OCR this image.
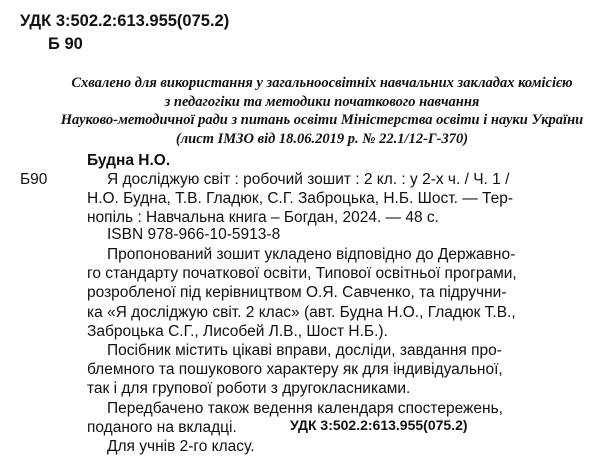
УДК 3:502.2:613.955(075.2)
Б 90
Схвалено для використання у загальноосвітніх навчальних закладах комісією
з педагогіки та методики початкового навчання
Науково-методичної ради з питань освіти Міністерства освіти і науки України
(лист ІМЗО від 18.06.2019 р. № 22.1/12-Г-370)
Б90
Будна Н.О.
Я досліджую світ : робочий зошит : 2 кл. : у 2-х ч. / Ч. 1 /
Н.О. Будна, Т.В. Гладюк, С.Г. Заброцька, Н.Б. Шост. — Тер-
нопіль : Навчальна книга – Богдан, 2024. — 48 с.
ISBN 978-966-10-5913-8
Пропонований зошит укладено відповідно до Державно-
го стандарту початкової освіти, Типової освітньої програми,
розробленої під керівництвом О.Я. Савченко, та підручни-
ка «Я досліджую світ. 2 клас» (авт. Будна Н.О., Гладюк Т.В.,
Заброцька С.Г., Лисобей Л.В., Шост Н.Б.).
Посібник містить цікаві вправи, досліди, завдання про-
блемного та пошукового характеру як для індивідуальної,
так і для групової роботи з другокласниками.
Передбачено також ведення календаря спостережень,
поданого на вкладці.
Для учнів 2-го класу.
УДК 3:502.2:613.955(075.2)
